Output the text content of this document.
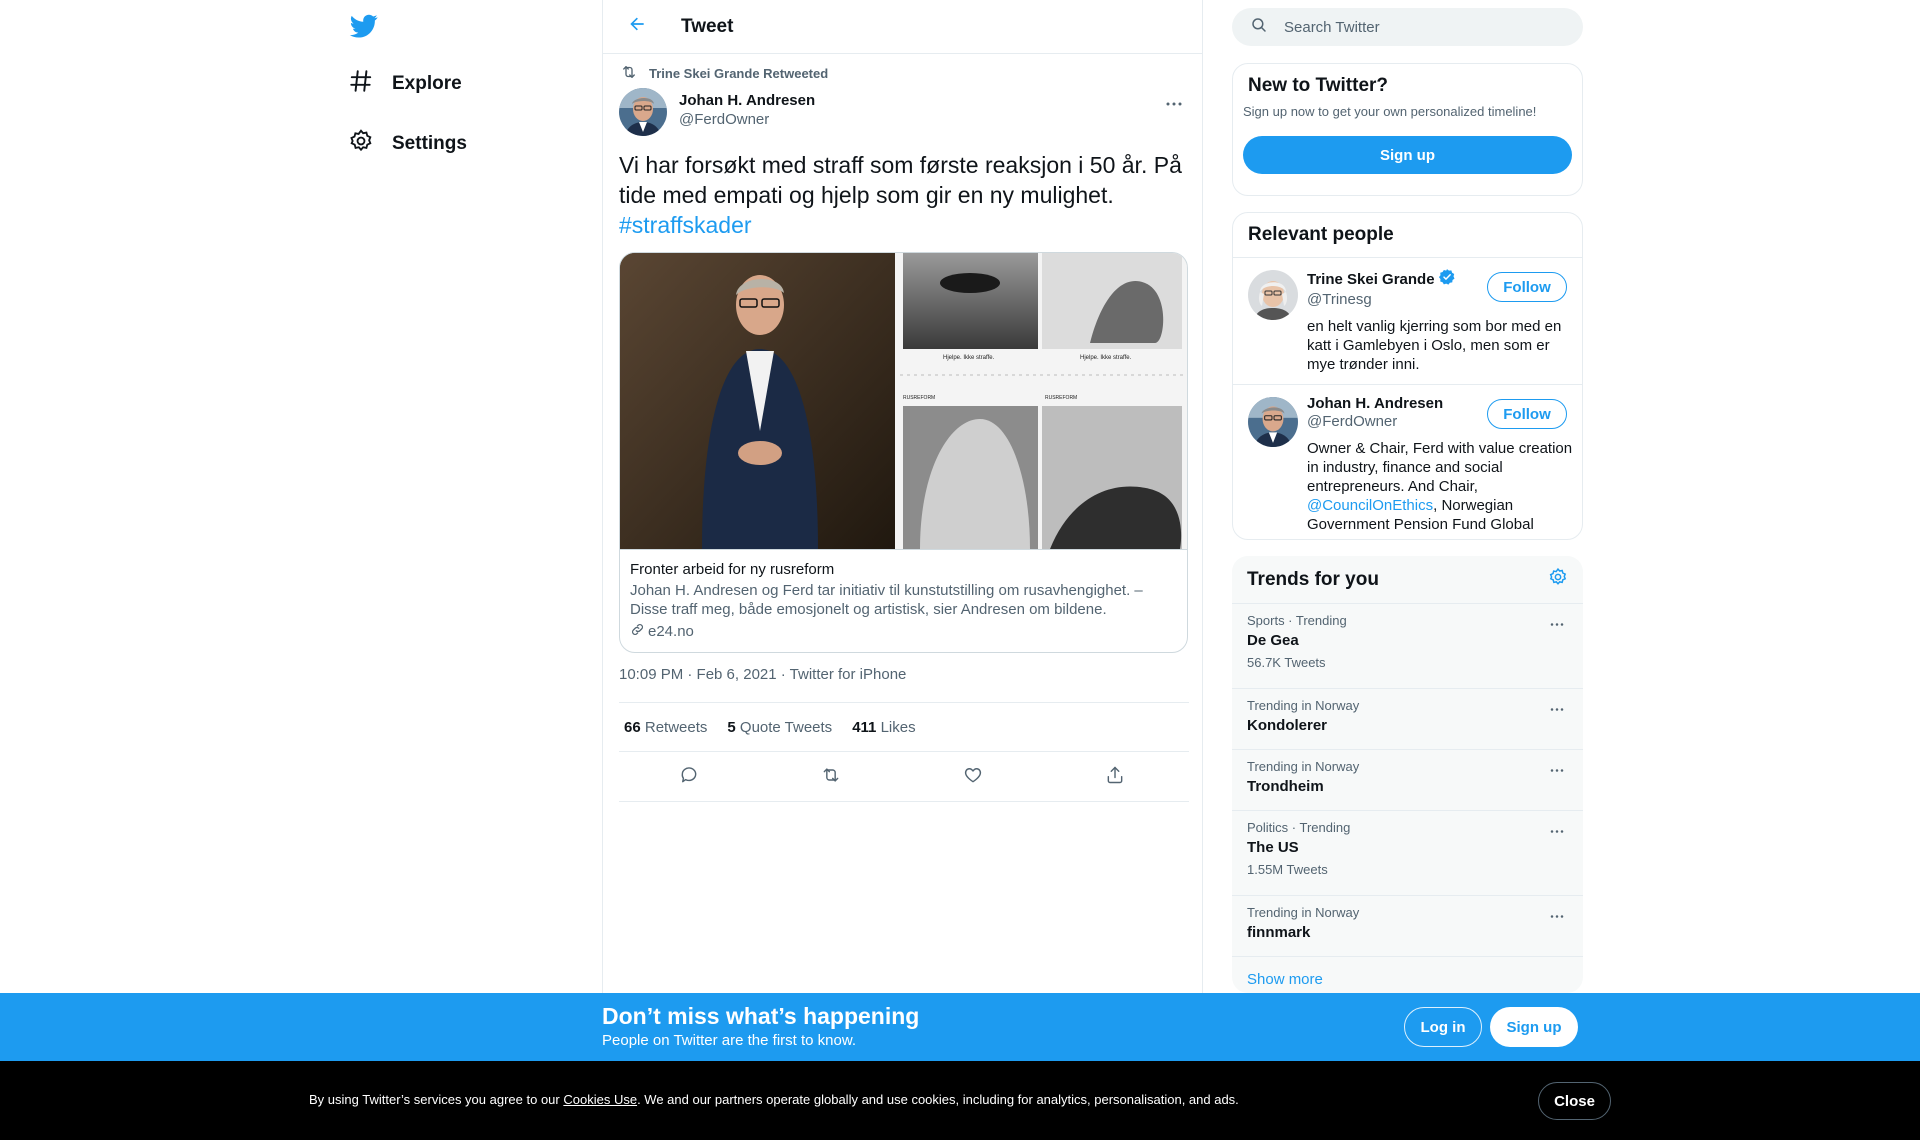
Explore
Settings
Tweet
Trine Skei Grande Retweeted
Johan H. Andresen
@FerdOwner
Vi har forsøkt med straff som første reaksjon i 50 år. På tide med empati og hjelp som gir en ny mulighet.
#straffskader
Hjelpe. Ikke straffe.	Hjelpe. Ikke straffe.
RUSREFORM	RUSREFORM
Fronter arbeid for ny rusreform
Johan H. Andresen og Ferd tar initiativ til kunstutstilling om rusavhengighet. – Disse traff meg, både emosjonelt og artistisk, sier Andresen om bildene.
e24.no
10:09 PM · Feb 6, 2021 · Twitter for iPhone
66 Retweets 5 Quote Tweets 411 Likes
Search Twitter
New to Twitter?
Sign up now to get your own personalized timeline!
Sign up
Relevant people
Trine Skei Grande
@Trinesg
en helt vanlig kjerring som bor med en katt i Gamlebyen i Oslo, men som er mye trønder inni.
Follow
Johan H. Andresen
@FerdOwner
Owner & Chair, Ferd with value creation in industry, finance and social entrepreneurs. And Chair, @CouncilOnEthics, Norwegian Government Pension Fund Global
Follow
Trends for you
Sports · Trending
De Gea
56.7K Tweets
Trending in Norway
Kondolerer
Trending in Norway
Trondheim
Politics · Trending
The US
1.55M Tweets
Trending in Norway
finnmark
Show more
Don’t miss what’s happening
People on Twitter are the first to know.
Log in	Sign up
By using Twitter’s services you agree to our Cookies Use. We and our partners operate globally and use cookies, including for analytics, personalisation, and ads.	Close
